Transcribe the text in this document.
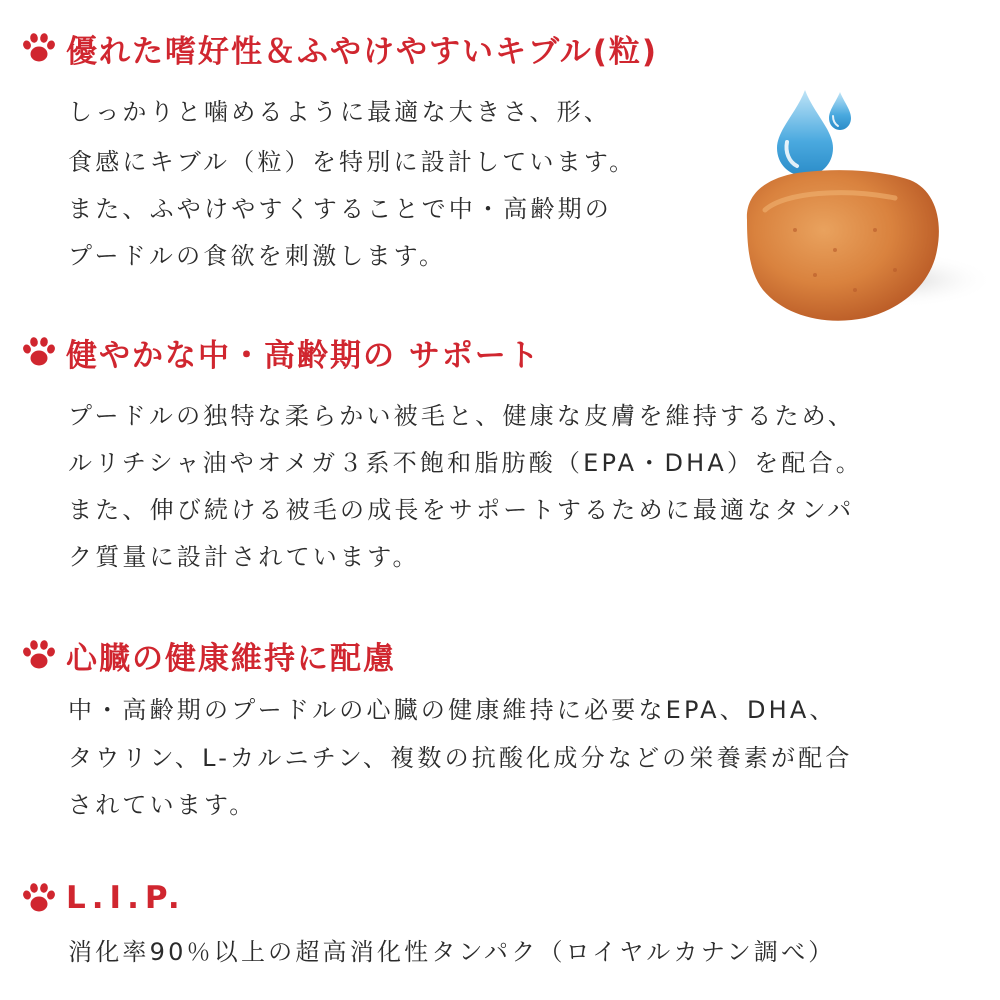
優れた嗜好性＆ふやけやすいキブル(粒)
しっかりと噛めるように最適な大きさ、形、
食感にキブル（粒）を特別に設計しています。
また、ふやけやすくすることで中・高齢期の
プードルの食欲を刺激します。
健やかな中・高齢期の サポート
プードルの独特な柔らかい被毛と、健康な皮膚を維持するため、
ルリチシャ油やオメガ３系不飽和脂肪酸（EPA・DHA）を配合。
また、伸び続ける被毛の成長をサポートするために最適なタンパ
ク質量に設計されています。
心臓の健康維持に配慮
中・高齢期のプードルの心臓の健康維持に必要なEPA、DHA、
タウリン、L-カルニチン、複数の抗酸化成分などの栄養素が配合
されています。
L.I.P.
消化率90％以上の超高消化性タンパク（ロイヤルカナン調べ）
